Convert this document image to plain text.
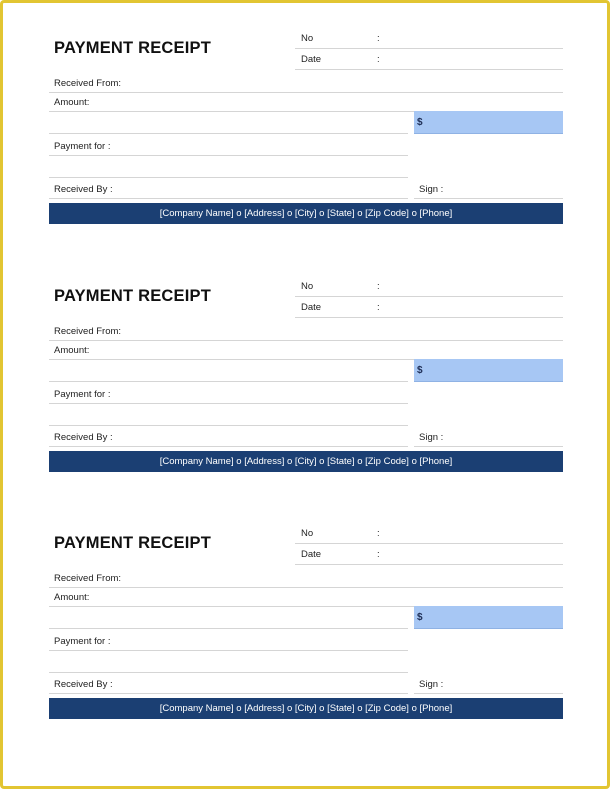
PAYMENT RECEIPT
No	:
Date	:
Received From:
Amount:
$
Payment for :
Received By :	Sign :
[Company Name] o [Address] o [City] o [State] o [Zip Code] o [Phone]
PAYMENT RECEIPT
No	:
Date	:
Received From:
Amount:
$
Payment for :
Received By :	Sign :
[Company Name] o [Address] o [City] o [State] o [Zip Code] o [Phone]
PAYMENT RECEIPT
No	:
Date	:
Received From:
Amount:
$
Payment for :
Received By :	Sign :
[Company Name] o [Address] o [City] o [State] o [Zip Code] o [Phone]
